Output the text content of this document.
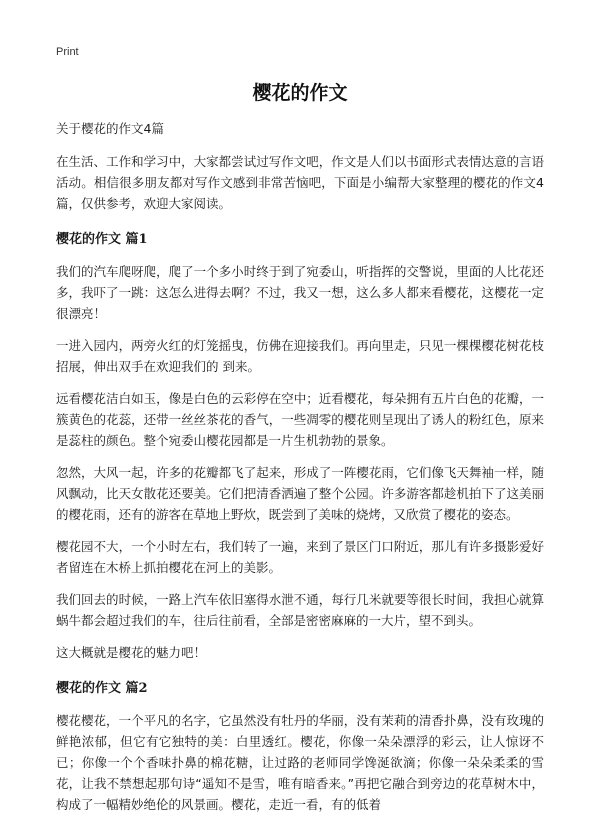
Print
樱花的作文

关于樱花的作文4篇

在生活、工作和学习中，大家都尝试过写作文吧，作文是人们以书面形式表情达意的言语活动。相信很多朋友都对写作文感到非常苦恼吧，下面是小编帮大家整理的樱花的作文4篇，仅供参考，欢迎大家阅读。

樱花的作文 篇1

我们的汽车爬呀爬，爬了一个多小时终于到了宛委山，听指挥的交警说，里面的人比花还多，我吓了一跳：这怎么进得去啊？不过，我又一想，这么多人都来看樱花，这樱花一定很漂亮！

一进入园内，两旁火红的灯笼摇曳，仿佛在迎接我们。再向里走，只见一棵棵樱花树花枝招展，伸出双手在欢迎我们的 到来。

远看樱花洁白如玉，像是白色的云彩停在空中；近看樱花，每朵拥有五片白色的花瓣，一簇黄色的花蕊，还带一丝丝茶花的香气，一些凋零的樱花则呈现出了诱人的粉红色，原来是蕊柱的颜色。整个宛委山樱花园都是一片生机勃勃的景象。

忽然，大风一起，许多的花瓣都飞了起来，形成了一阵樱花雨，它们像飞天舞袖一样，随风飘动，比天女散花还要美。它们把清香洒遍了整个公园。许多游客都趁机拍下了这美丽的樱花雨，还有的游客在草地上野炊，既尝到了美味的烧烤，又欣赏了樱花的姿态。

樱花园不大，一个小时左右，我们转了一遍，来到了景区门口附近，那儿有许多摄影爱好者留连在木桥上抓拍樱花在河上的美影。

我们回去的时候，一路上汽车依旧塞得水泄不通，每行几米就要等很长时间，我担心就算蜗牛都会超过我们的车，往后往前看，全部是密密麻麻的一大片，望不到头。

这大概就是樱花的魅力吧！

樱花的作文 篇2

樱花樱花，一个平凡的名字，它虽然没有牡丹的华丽，没有茉莉的清香扑鼻，没有玫瑰的鲜艳浓郁，但它有它独特的美：白里透红。樱花，你像一朵朵漂浮的彩云，让人惊讶不已；你像一个个香味扑鼻的棉花糖，让过路的老师同学馋涎欲滴；你像一朵朵柔柔的雪花，让我不禁想起那句诗“遥知不是雪，唯有暗香来。”再把它融合到旁边的花草树木中，构成了一幅精妙绝伦的风景画。樱花，走近一看，有的低着
